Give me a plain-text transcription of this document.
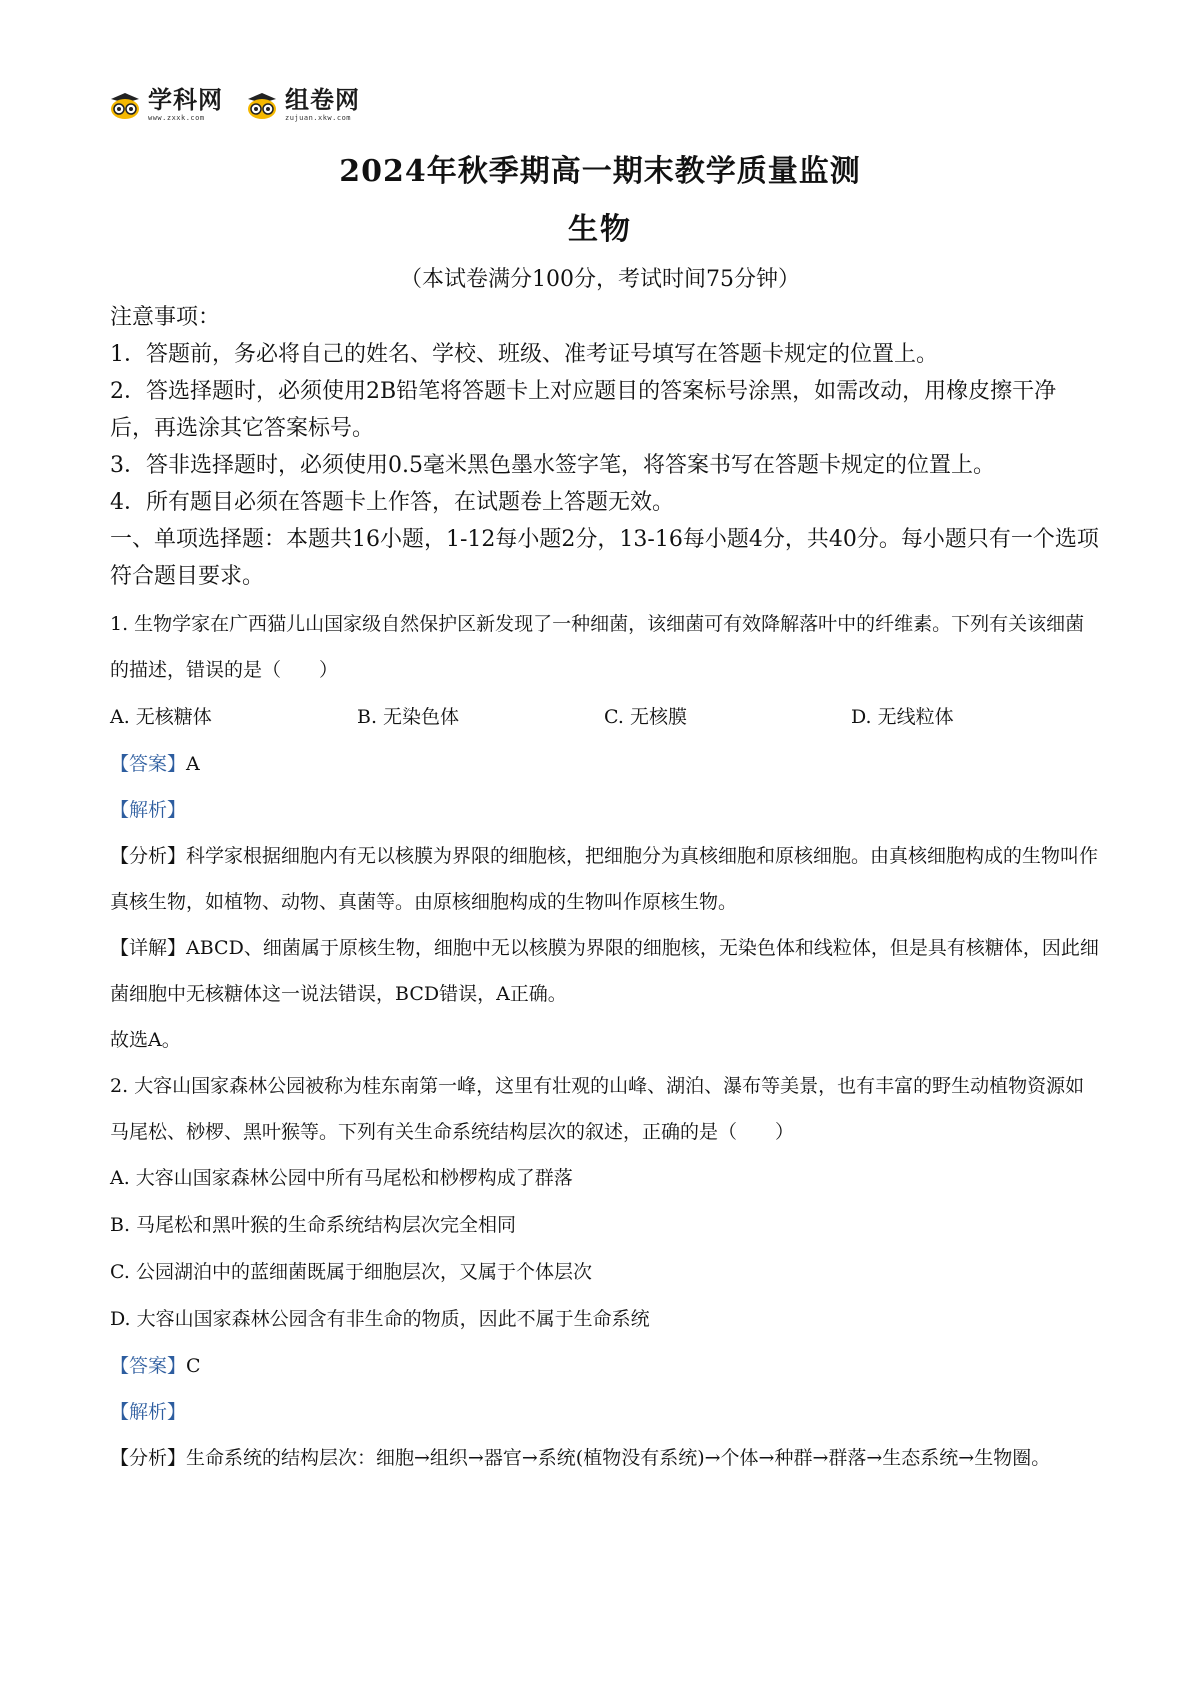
学科网
www.zxxk.com
组卷网
zujuan.xkw.com
2024年秋季期高一期末教学质量监测
生物
（本试卷满分100分，考试时间75分钟）
注意事项：
1．答题前，务必将自己的姓名、学校、班级、准考证号填写在答题卡规定的位置上。
2．答选择题时，必须使用2B铅笔将答题卡上对应题目的答案标号涂黑，如需改动，用橡皮擦干净后，再选涂其它答案标号。
3．答非选择题时，必须使用0.5毫米黑色墨水签字笔，将答案书写在答题卡规定的位置上。
4．所有题目必须在答题卡上作答，在试题卷上答题无效。
一、单项选择题：本题共16小题，1-12每小题2分，13-16每小题4分，共40分。每小题只有一个选项符合题目要求。
1. 生物学家在广西猫儿山国家级自然保护区新发现了一种细菌，该细菌可有效降解落叶中的纤维素。下列有关该细菌的描述，错误的是（　　）
A. 无核糖体	B. 无染色体	C. 无核膜	D. 无线粒体
【答案】A
【解析】
【分析】科学家根据细胞内有无以核膜为界限的细胞核，把细胞分为真核细胞和原核细胞。由真核细胞构成的生物叫作真核生物，如植物、动物、真菌等。由原核细胞构成的生物叫作原核生物。
【详解】ABCD、细菌属于原核生物，细胞中无以核膜为界限的细胞核，无染色体和线粒体，但是具有核糖体，因此细菌细胞中无核糖体这一说法错误，BCD错误，A正确。
故选A。
2. 大容山国家森林公园被称为桂东南第一峰，这里有壮观的山峰、湖泊、瀑布等美景，也有丰富的野生动植物资源如马尾松、桫椤、黑叶猴等。下列有关生命系统结构层次的叙述，正确的是（　　）
A. 大容山国家森林公园中所有马尾松和桫椤构成了群落
B. 马尾松和黑叶猴的生命系统结构层次完全相同
C. 公园湖泊中的蓝细菌既属于细胞层次，又属于个体层次
D. 大容山国家森林公园含有非生命的物质，因此不属于生命系统
【答案】C
【解析】
【分析】生命系统的结构层次：细胞→组织→器官→系统(植物没有系统)→个体→种群→群落→生态系统→生物圈。
